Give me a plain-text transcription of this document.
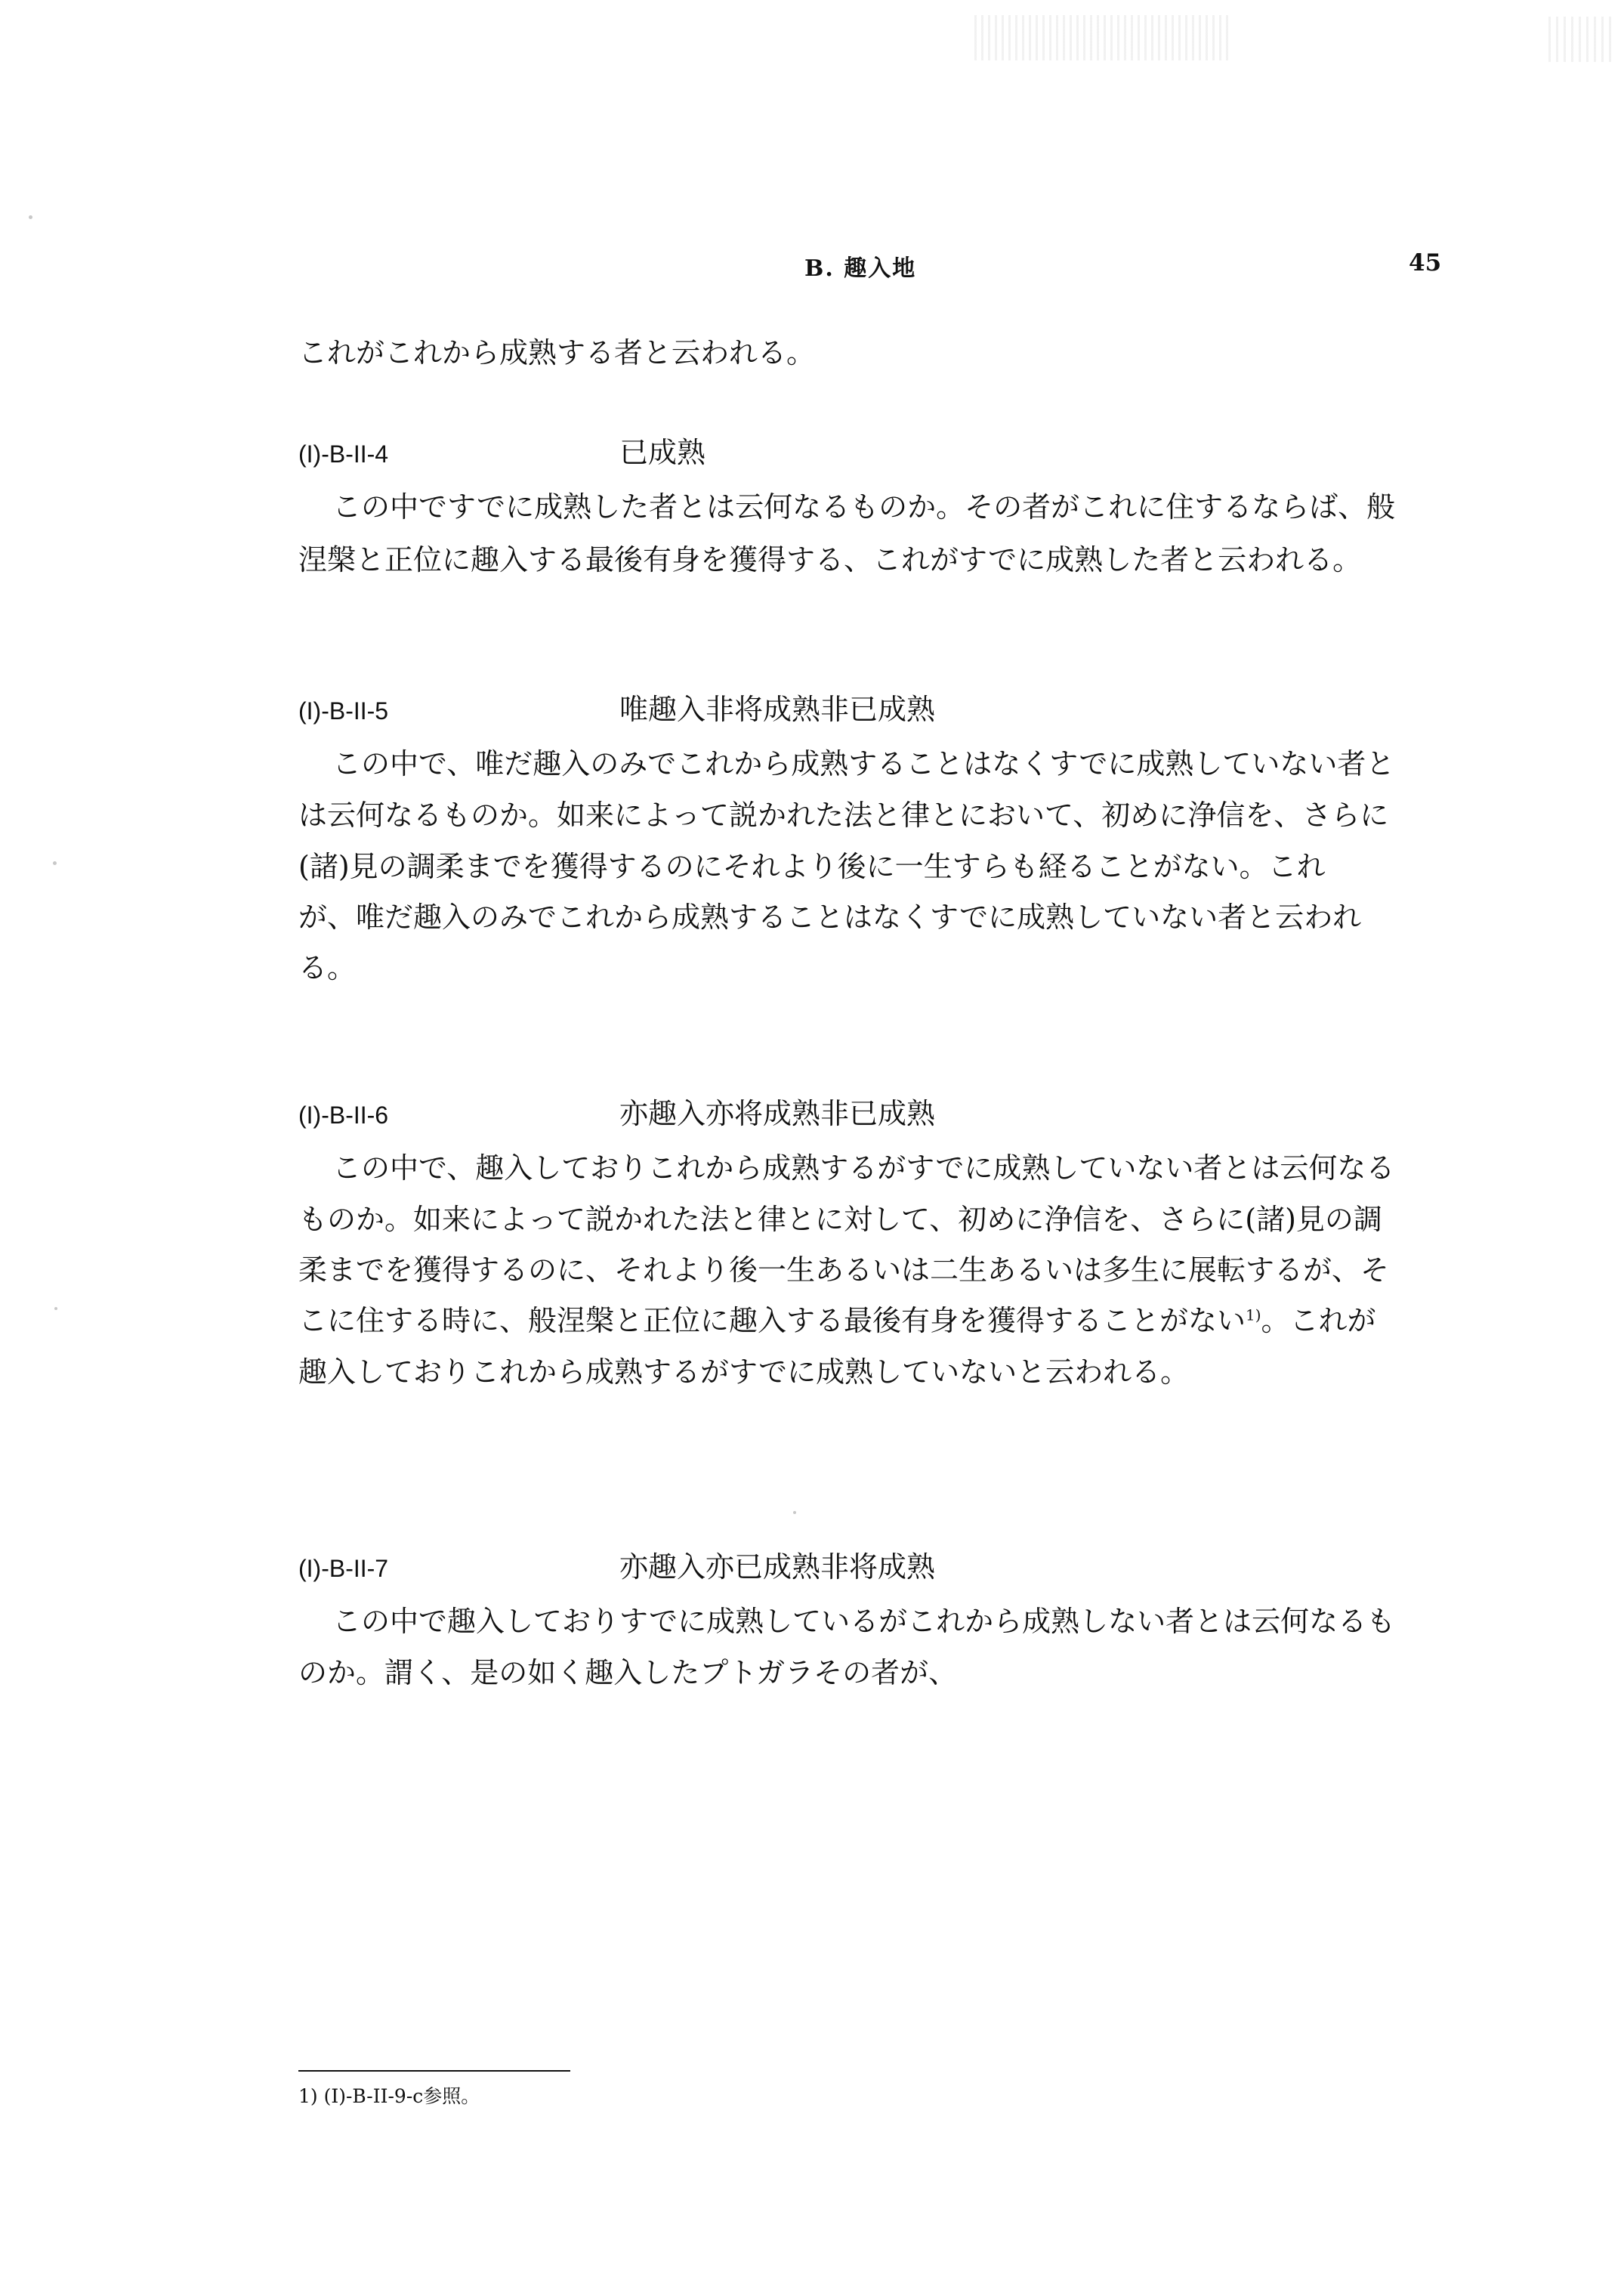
B. 趣入地	45
これがこれから成熟する者と云われる。
(I)-B-II-4	已成熟
この中ですでに成熟した者とは云何なるものか。その者がこれに住するならば、般
涅槃と正位に趣入する最後有身を獲得する、これがすでに成熟した者と云われる。
(I)-B-II-5	唯趣入非将成熟非已成熟
この中で、唯だ趣入のみでこれから成熟することはなくすでに成熟していない者と
は云何なるものか。如来によって説かれた法と律とにおいて、初めに浄信を、さらに
(諸)見の調柔までを獲得するのにそれより後に一生すらも経ることがない。これ
が、唯だ趣入のみでこれから成熟することはなくすでに成熟していない者と云われ
る。
(I)-B-II-6	亦趣入亦将成熟非已成熟
この中で、趣入しておりこれから成熟するがすでに成熟していない者とは云何なる
ものか。如来によって説かれた法と律とに対して、初めに浄信を、さらに(諸)見の調
柔までを獲得するのに、それより後一生あるいは二生あるいは多生に展転するが、そ
こに住する時に、般涅槃と正位に趣入する最後有身を獲得することがない$^{1)}$。これが
趣入しておりこれから成熟するがすでに成熟していないと云われる。
(I)-B-II-7	亦趣入亦已成熟非将成熟
この中で趣入しておりすでに成熟しているがこれから成熟しない者とは云何なるも
のか。謂く、是の如く趣入したプトガラその者が、
1) (I)-B-II-9-c参照。
